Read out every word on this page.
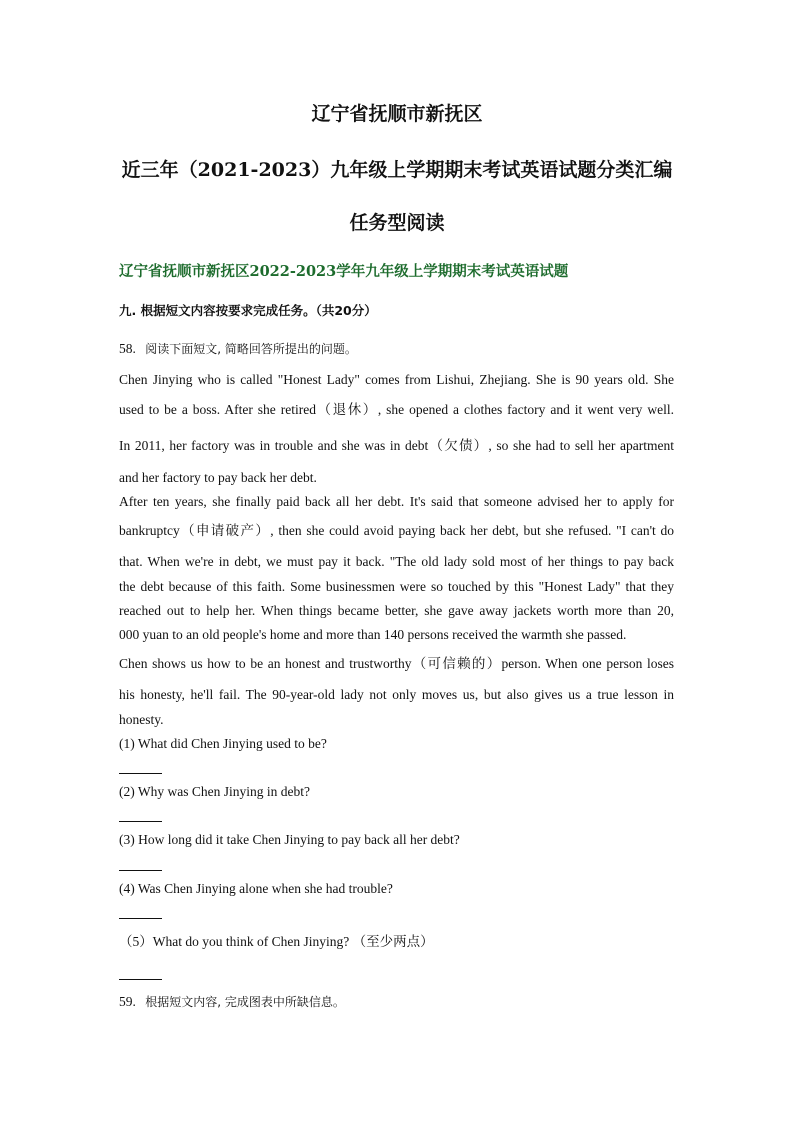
辽宁省抚顺市新抚区
近三年（2021-2023）九年级上学期期末考试英语试题分类汇编
任务型阅读
辽宁省抚顺市新抚区2022-2023学年九年级上学期期末考试英语试题
九. 根据短文内容按要求完成任务。（共20分）
58. 阅读下面短文, 简略回答所提出的问题。
Chen Jinying who is called "Honest Lady" comes from Lishui, Zhejiang. She is 90 years old. She
used to be a boss. After she retired（退休）, she opened a clothes factory and it went very well.
In 2011, her factory was in trouble and she was in debt（欠债）, so she had to sell her apartment
and her factory to pay back her debt.
After ten years, she finally paid back all her debt. It's said that someone advised her to apply for
bankruptcy（申请破产）, then she could avoid paying back her debt, but she refused. "I can't do
that. When we're in debt, we must pay it back. "The old lady sold most of her things to pay back
the debt because of this faith. Some businessmen were so touched by this "Honest Lady" that they
reached out to help her. When things became better, she gave away jackets worth more than 20,
000 yuan to an old people's home and more than 140 persons received the warmth she passed.
Chen shows us how to be an honest and trustworthy（可信赖的）person. When one person loses
his honesty, he'll fail. The 90-year-old lady not only moves us, but also gives us a true lesson in
honesty.
(1) What did Chen Jinying used to be?
(2) Why was Chen Jinying in debt?
(3) How long did it take Chen Jinying to pay back all her debt?
(4) Was Chen Jinying alone when she had trouble?
（5）What do you think of Chen Jinying? （至少两点）
59. 根据短文内容, 完成图表中所缺信息。
